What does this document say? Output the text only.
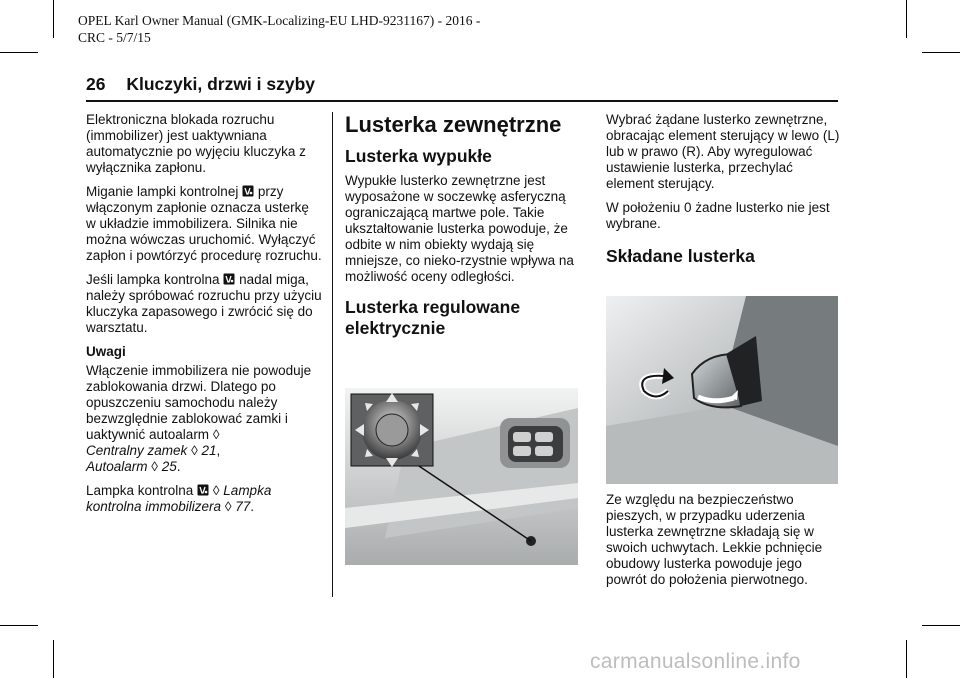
OPEL Karl Owner Manual (GMK-Localizing-EU LHD-9231167) - 2016 -
CRC - 5/7/15
26 Kluczyki, drzwi i szyby

Elektroniczna blokada rozruchu (immobilizer) jest uaktywniana automatycznie po wyjęciu kluczyka z wyłącznika zapłonu.

Miganie lampki kontrolnej przy włączonym zapłonie oznacza usterkę w układzie immobilizera. Silnika nie można wówczas uruchomić. Wyłączyć zapłon i powtórzyć procedurę rozruchu.

Jeśli lampka kontrolna nadal miga, należy spróbować rozruchu przy użyciu kluczyka zapasowego i zwrócić się do warsztatu.

Uwagi

Włączenie immobilizera nie powoduje zablokowania drzwi. Dlatego po opuszczeniu samochodu należy bezwzględnie zablokować zamki i uaktywnić autoalarm ◊
Centralny zamek ◊ 21,
Autoalarm ◊ 25.

Lampka kontrolna ◊ Lampka kontrolna immobilizera ◊ 77.

Lusterka zewnętrzne
Lusterka wypukłe

Wypukłe lusterko zewnętrzne jest wyposażone w soczewkę asferyczną ograniczającą martwe pole. Takie ukształtowanie lusterka powoduje, że odbite w nim obiekty wydają się mniejsze, co nieko-rzystnie wpływa na możliwość oceny odległości.

Lusterka regulowane elektrycznie

Wybrać żądane lusterko zewnętrzne, obracając element sterujący w lewo (L) lub w prawo (R). Aby wyregulować ustawienie lusterka, przechylać element sterujący.

W położeniu 0 żadne lusterko nie jest wybrane.

Składane lusterka

Ze względu na bezpieczeństwo pieszych, w przypadku uderzenia lusterka zewnętrzne składają się w swoich uchwytach. Lekkie pchnięcie obudowy lusterka powoduje jego powrót do położenia pierwotnego.

carmanualsonline.info
